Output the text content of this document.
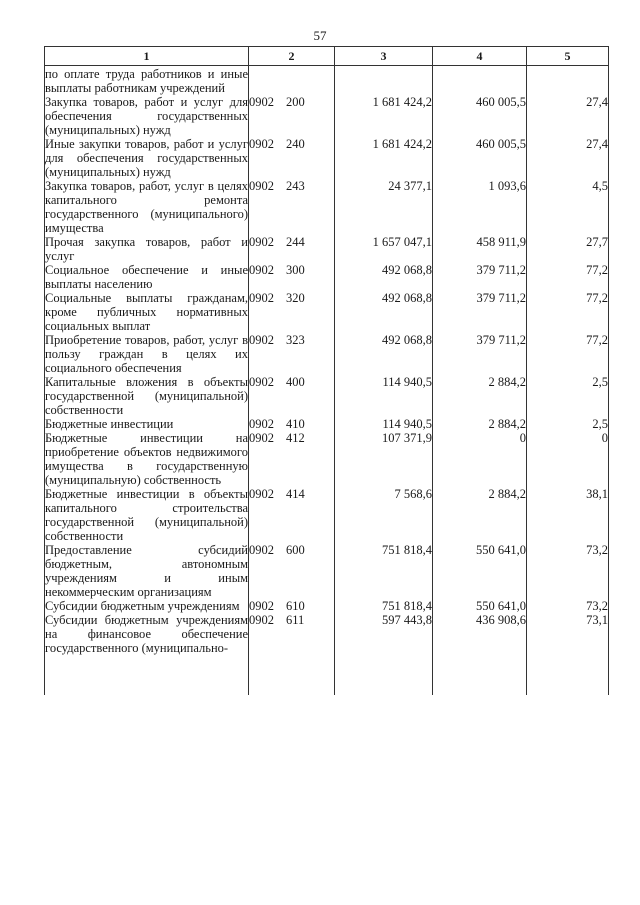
57
1	2	3	4	5
по оплате труда работников и иные выплаты работникам учреждений				
Закупка товаров, работ и услуг для обеспечения государственных (муниципальных) нужд	0902 200	1 681 424,2	460 005,5	27,4
Иные закупки товаров, работ и услуг для обеспечения государственных (муниципальных) нужд	0902 240	1 681 424,2	460 005,5	27,4
Закупка товаров, работ, услуг в целях капитального ремонта государственного (муниципального) имущества	0902 243	24 377,1	1 093,6	4,5
Прочая закупка товаров, работ и услуг	0902 244	1 657 047,1	458 911,9	27,7
Социальное обеспечение и иные выплаты населению	0902 300	492 068,8	379 711,2	77,2
Социальные выплаты гражданам, кроме публичных нормативных социальных выплат	0902 320	492 068,8	379 711,2	77,2
Приобретение товаров, работ, услуг в пользу граждан в целях их социального обеспечения	0902 323	492 068,8	379 711,2	77,2
Капитальные вложения в объекты государственной (муниципальной) собственности	0902 400	114 940,5	2 884,2	2,5
Бюджетные инвестиции	0902 410	114 940,5	2 884,2	2,5
Бюджетные инвестиции на приобретение объектов недвижимого имущества в государственную (муниципальную) собственность	0902 412	107 371,9	0	0
Бюджетные инвестиции в объекты капитального строительства государственной (муниципальной) собственности	0902 414	7 568,6	2 884,2	38,1
Предоставление субсидий бюджетным, автономным учреждениям и иным некоммерческим организациям	0902 600	751 818,4	550 641,0	73,2
Субсидии бюджетным учреждениям	0902 610	751 818,4	550 641,0	73,2
Субсидии бюджетным учреждениям на финансовое обеспечение государственного (муниципально-	0902 611	597 443,8	436 908,6	73,1
